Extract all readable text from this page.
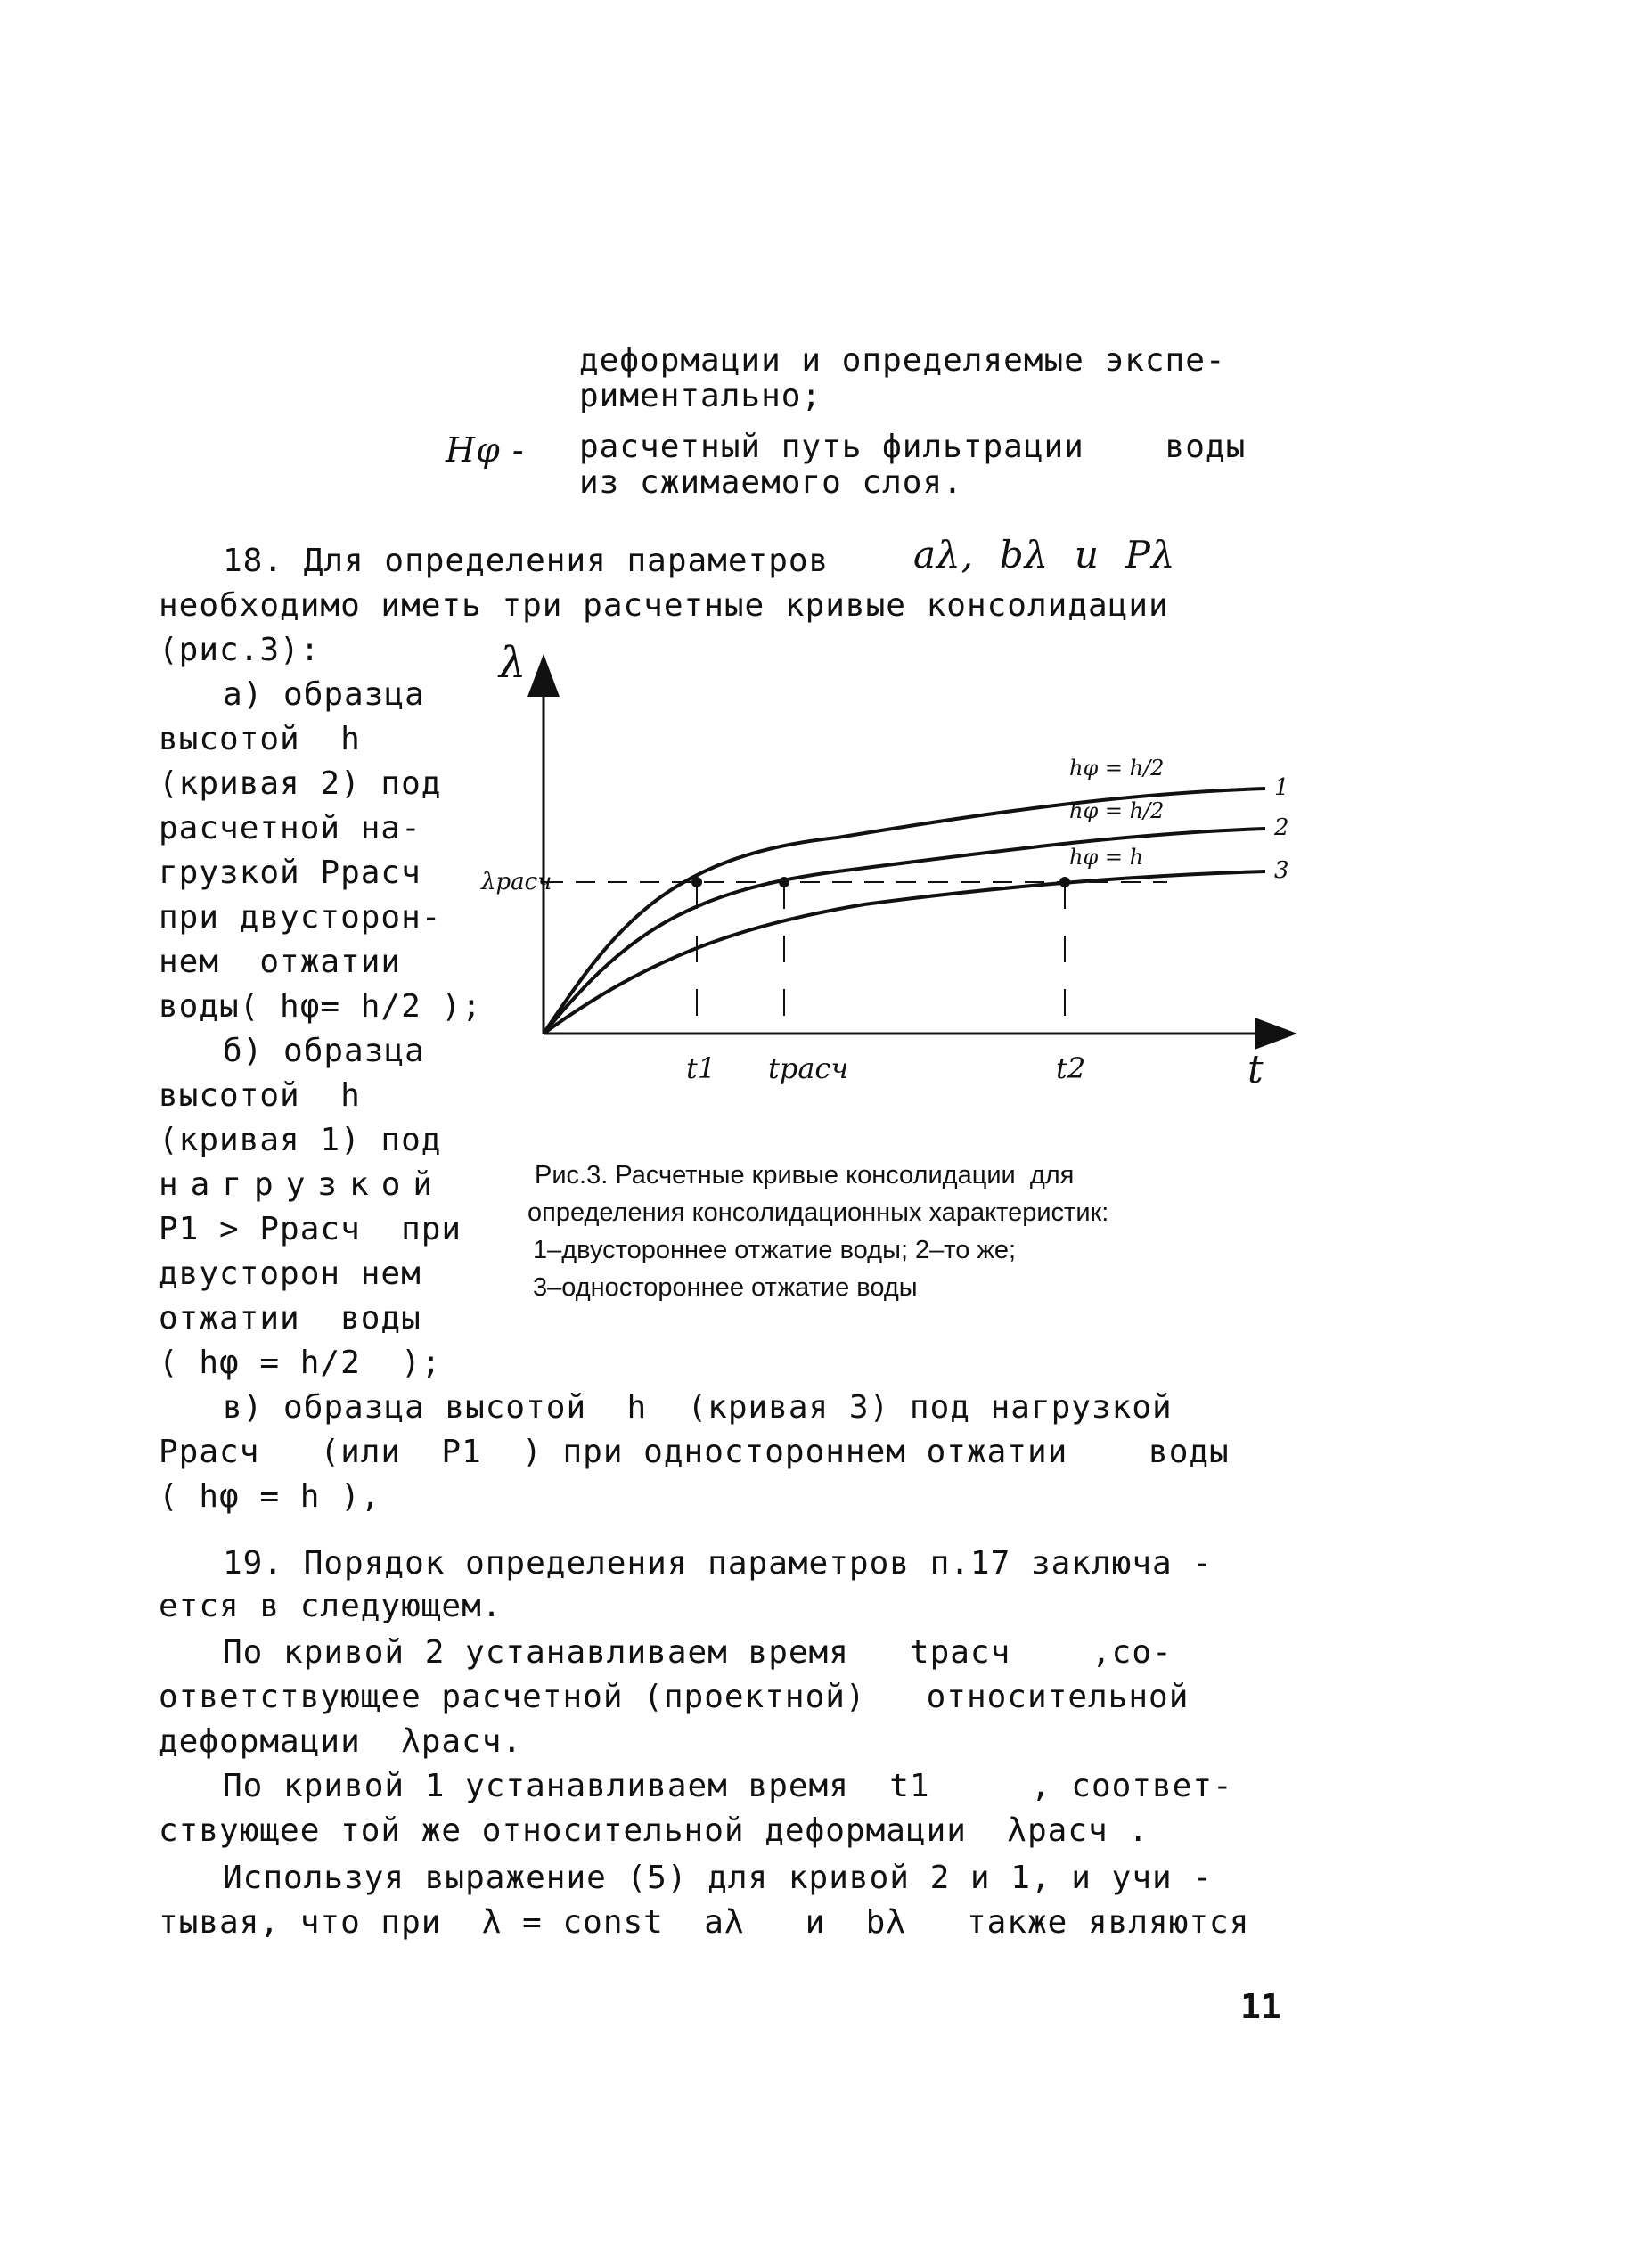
деформации и определяемые экспе-
риментально;
Hφ - расчетный путь фильтрации    воды
из сжимаемого слоя.
18. Для определения параметров aλ,  bλ  и  Pλ
необходимо иметь три расчетные кривые консолидации
(рис.3):
а) образца
высотой  h
(кривая 2) под
расчетной на-
грузкой Pрасч
при двусторон-
нем  отжатии
воды( hφ= h/2 );
б) образца
высотой  h
(кривая 1) под
нагрузкой
P1 > Pрасч  при
двусторон нем
отжатии  воды
( hφ = h/2  );
λ
t
λрасч
1
2
3
hφ = h/2
hφ = h/2
hφ = h
t1 tрасч	t2
Рис.3. Расчетные кривые консолидации  для
определения консолидационных характеристик:
1–двустороннее отжатие воды; 2–то же;
3–одностороннее отжатие воды
в) образца высотой  h  (кривая 3) под нагрузкой
Pрасч   (или  P1  ) при одностороннем отжатии    воды
( hφ = h ),
19. Порядок определения параметров п.17 заключа -
ется в следующем.
По кривой 2 устанавливаем время   tрасч    ,со-
ответствующее расчетной (проектной)   относительной
деформации  λрасч.
По кривой 1 устанавливаем время  t1     , соответ-
ствующее той же относительной деформации  λрасч .
Используя выражение (5) для кривой 2 и 1, и учи -
тывая, что при  λ = const  aλ   и  bλ   также являются
11
